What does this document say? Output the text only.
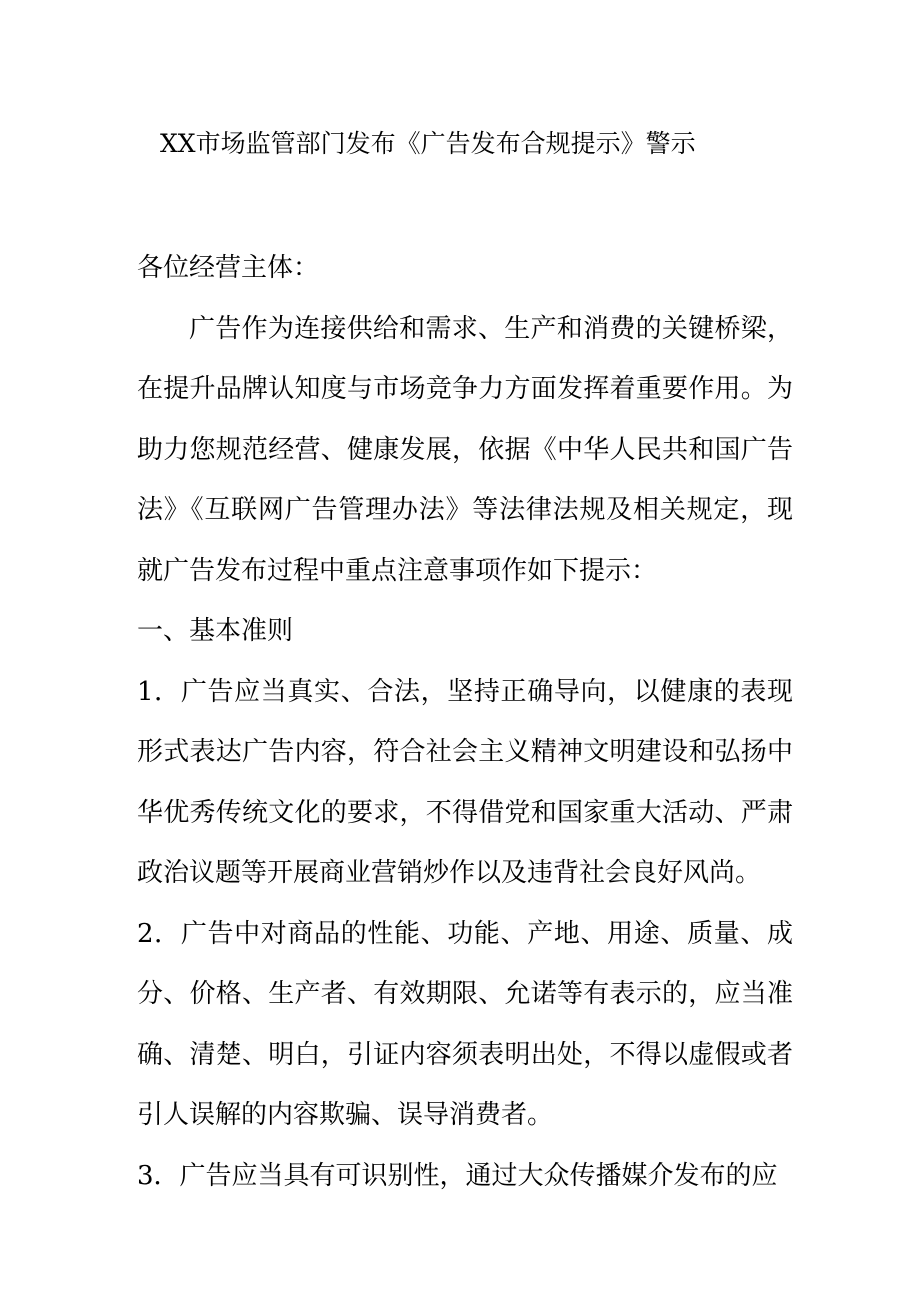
XX市场监管部门发布《广告发布合规提示》警示

各位经营主体：

广告作为连接供给和需求、生产和消费的关键桥梁，在提升品牌认知度与市场竞争力方面发挥着重要作用。为助力您规范经营、健康发展，依据《中华人民共和国广告法》《互联网广告管理办法》等法律法规及相关规定，现就广告发布过程中重点注意事项作如下提示：

一、基本准则

1．广告应当真实、合法，坚持正确导向，以健康的表现形式表达广告内容，符合社会主义精神文明建设和弘扬中华优秀传统文化的要求，不得借党和国家重大活动、严肃政治议题等开展商业营销炒作以及违背社会良好风尚。

2．广告中对商品的性能、功能、产地、用途、质量、成分、价格、生产者、有效期限、允诺等有表示的，应当准确、清楚、明白，引证内容须表明出处，不得以虚假或者引人误解的内容欺骗、误导消费者。

3．广告应当具有可识别性，通过大众传播媒介发布的应
